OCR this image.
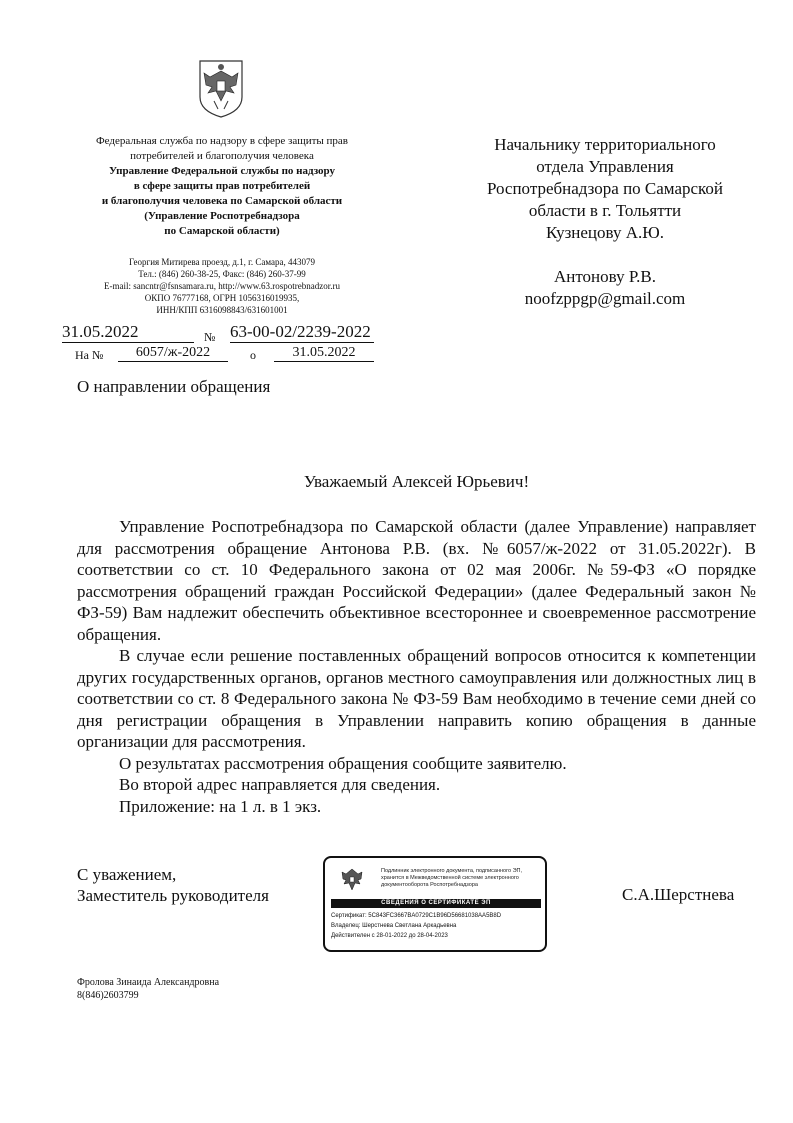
Федеральная служба по надзору в сфере защиты прав
потребителей и благополучия человека
Управление Федеральной службы по надзору
в сфере защиты прав потребителей
и благополучия человека по Самарской области
(Управление Роспотребнадзора
по Самарской области)
Георгия Митирева проезд, д.1, г. Самара, 443079
Тел.: (846) 260-38-25, Факс: (846) 260-37-99
E-mail: sancntr@fsnsamara.ru, http://www.63.rospotrebnadzor.ru
ОКПО 76777168, ОГРН 1056316019935,
ИНН/КПП 6316098843/631601001
31.05.2022	№ 63-00-02/2239-2022
На №	6057/ж-2022	о	31.05.2022
Начальнику территориального
отдела Управления
Роспотребнадзора по Самарской
области в г. Тольятти
Кузнецову А.Ю.
Антонову Р.В.
noofzppgp@gmail.com
О направлении обращения
Уважаемый Алексей Юрьевич!

Управление Роспотребнадзора по Самарской области (далее Управление) направляет для рассмотрения обращение Антонова Р.В. (вх. №6057/ж-2022 от 31.05.2022г). В соответствии со ст. 10 Федерального закона от 02 мая 2006г. №59-ФЗ «О порядке рассмотрения обращений граждан Российской Федерации» (далее Федеральный закон № ФЗ-59) Вам надлежит обеспечить объективное всестороннее и своевременное рассмотрение обращения.

В случае если решение поставленных обращений вопросов относится к компетенции других государственных органов, органов местного самоуправления или должностных лиц в соответствии со ст. 8 Федерального закона № ФЗ-59 Вам необходимо в течение семи дней со дня регистрации обращения в Управлении направить копию обращения в данные организации для рассмотрения.

О результатах рассмотрения обращения сообщите заявителю.

Во второй адрес направляется для сведения.

Приложение: на 1 л. в 1 экз.

С уважением,
Заместитель руководителя	С.А.Шерстнева
Подлинник электронного документа, подписанного ЭП, хранится в Межведомственной системе электронного документооборота Роспотребнадзора
СВЕДЕНИЯ О СЕРТИФИКАТЕ ЭП
Сертификат: 5C843FC3667BA0729C1B96D56681038AA5B8D
Владелец: Шерстнева Светлана Аркадьевна
Действителен с 28-01-2022 до 28-04-2023
Фролова Зинаида Александровна
8(846)2603799
